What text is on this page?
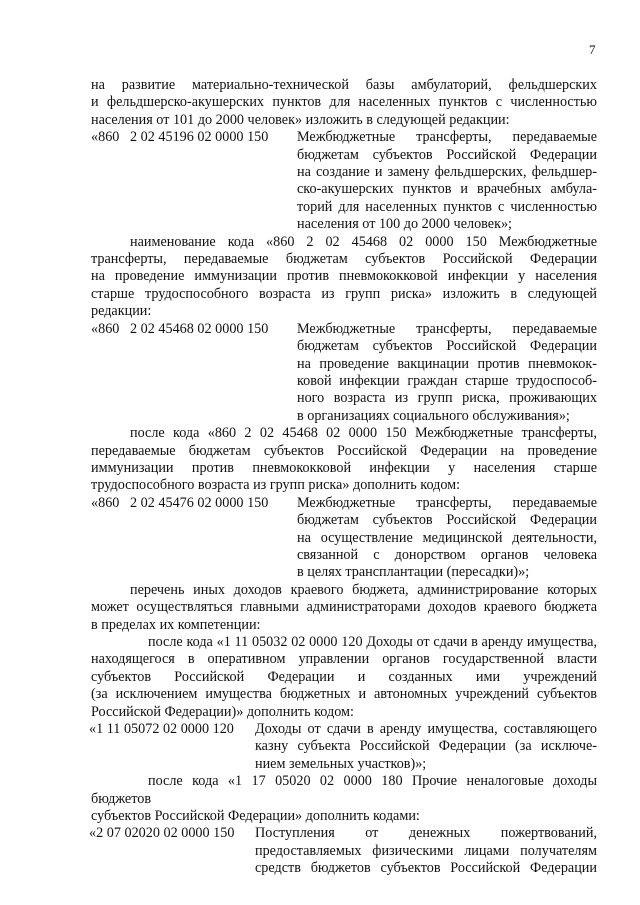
7
на развитие материально-технической базы амбулаторий, фельдшерских
и фельдшерско-акушерских пунктов для населенных пунктов с численностью
населения от 101 до 2000 человек» изложить в следующей редакции:
«860   2 02 45196 02 0000 150	Межбюджетные трансферты, передаваемые
бюджетам субъектов Российской Федерации
на создание и замену фельдшерских, фельдшер-
ско-акушерских пунктов и врачебных амбула-
торий для населенных пунктов с численностью
населения от 100 до 2000 человек»;
наименование кода «860 2 02 45468 02 0000 150 Межбюджетные
трансферты, передаваемые бюджетам субъектов Российской Федерации
на проведение иммунизации против пневмококковой инфекции у населения
старше трудоспособного возраста из групп риска» изложить в следующей
редакции:
«860   2 02 45468 02 0000 150	Межбюджетные трансферты, передаваемые
бюджетам субъектов Российской Федерации
на проведение вакцинации против пневмокок-
ковой инфекции граждан старше трудоспособ-
ного возраста из групп риска, проживающих
в организациях социального обслуживания»;
после кода «860 2 02 45468 02 0000 150 Межбюджетные трансферты,
передаваемые бюджетам субъектов Российской Федерации на проведение
иммунизации против пневмококковой инфекции у населения старше
трудоспособного возраста из групп риска» дополнить кодом:
«860   2 02 45476 02 0000 150	Межбюджетные трансферты, передаваемые
бюджетам субъектов Российской Федерации
на осуществление медицинской деятельности,
связанной с донорством органов человека
в целях трансплантации (пересадки)»;
перечень иных доходов краевого бюджета, администрирование которых
может осуществляться главными администраторами доходов краевого бюджета
в пределах их компетенции:
после кода «1 11 05032 02 0000 120 Доходы от сдачи в аренду имущества,
находящегося в оперативном управлении органов государственной власти
субъектов Российской Федерации и созданных ими учреждений
(за исключением имущества бюджетных и автономных учреждений субъектов
Российской Федерации)» дополнить кодом:
«1 11 05072 02 0000 120	Доходы от сдачи в аренду имущества, составляющего
казну субъекта Российской Федерации (за исключе-
нием земельных участков)»;
после кода «1 17 05020 02 0000 180 Прочие неналоговые доходы бюджетов
субъектов Российской Федерации» дополнить кодами:
«2 07 02020 02 0000 150	Поступления от денежных пожертвований,
предоставляемых физическими лицами получателям
средств бюджетов субъектов Российской Федерации
